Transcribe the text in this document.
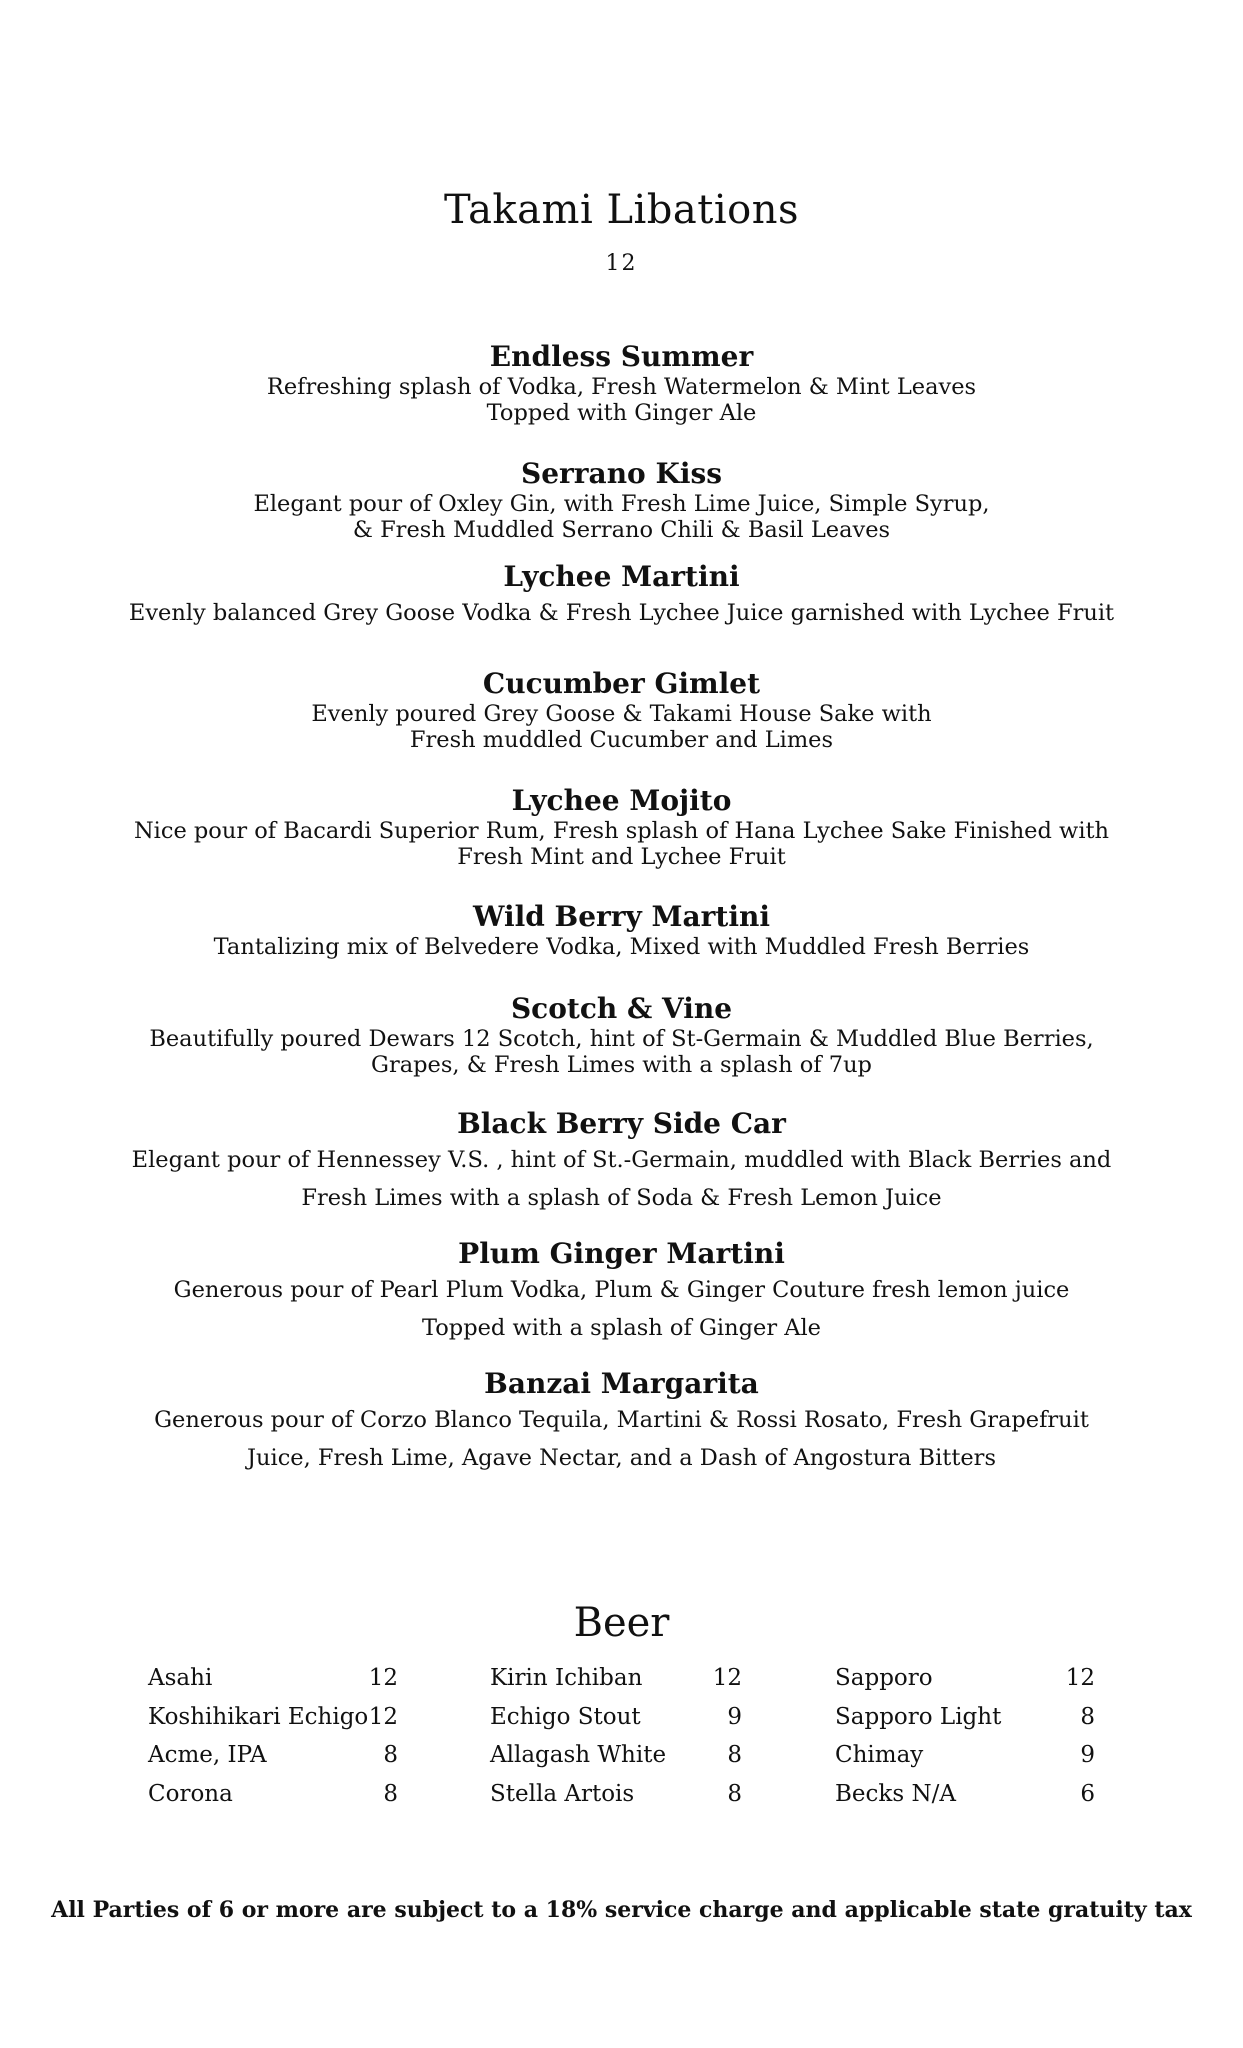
Takami Libations
12
Endless Summer
Refreshing splash of Vodka, Fresh Watermelon & Mint Leaves
Topped with Ginger Ale
Serrano Kiss
Elegant pour of Oxley Gin, with Fresh Lime Juice, Simple Syrup,
& Fresh Muddled Serrano Chili & Basil Leaves
Lychee Martini
Evenly balanced Grey Goose Vodka & Fresh Lychee Juice garnished with Lychee Fruit
Cucumber Gimlet
Evenly poured Grey Goose & Takami House Sake with
Fresh muddled Cucumber and Limes
Lychee Mojito
Nice pour of Bacardi Superior Rum, Fresh splash of Hana Lychee Sake Finished with
Fresh Mint and Lychee Fruit
Wild Berry Martini
Tantalizing mix of Belvedere Vodka, Mixed with Muddled Fresh Berries
Scotch & Vine
Beautifully poured Dewars 12 Scotch, hint of St-Germain & Muddled Blue Berries,
Grapes, & Fresh Limes with a splash of 7up
Black Berry Side Car
Elegant pour of Hennessey V.S. , hint of St.-Germain, muddled with Black Berries and
Fresh Limes with a splash of Soda & Fresh Lemon Juice
Plum Ginger Martini
Generous pour of Pearl Plum Vodka, Plum & Ginger Couture fresh lemon juice
Topped with a splash of Ginger Ale
Banzai Margarita
Generous pour of Corzo Blanco Tequila, Martini & Rossi Rosato, Fresh Grapefruit
Juice, Fresh Lime, Agave Nectar, and a Dash of Angostura Bitters
Beer
Asahi	12
Koshihikari Echigo 12
Acme, IPA	8
Corona	8
Kirin Ichiban	12
Echigo Stout	9
Allagash White	8
Stella Artois	8
Sapporo	12
Sapporo Light	8
Chimay	9
Becks N/A	6
All Parties of 6 or more are subject to a 18% service charge and applicable state gratuity tax
